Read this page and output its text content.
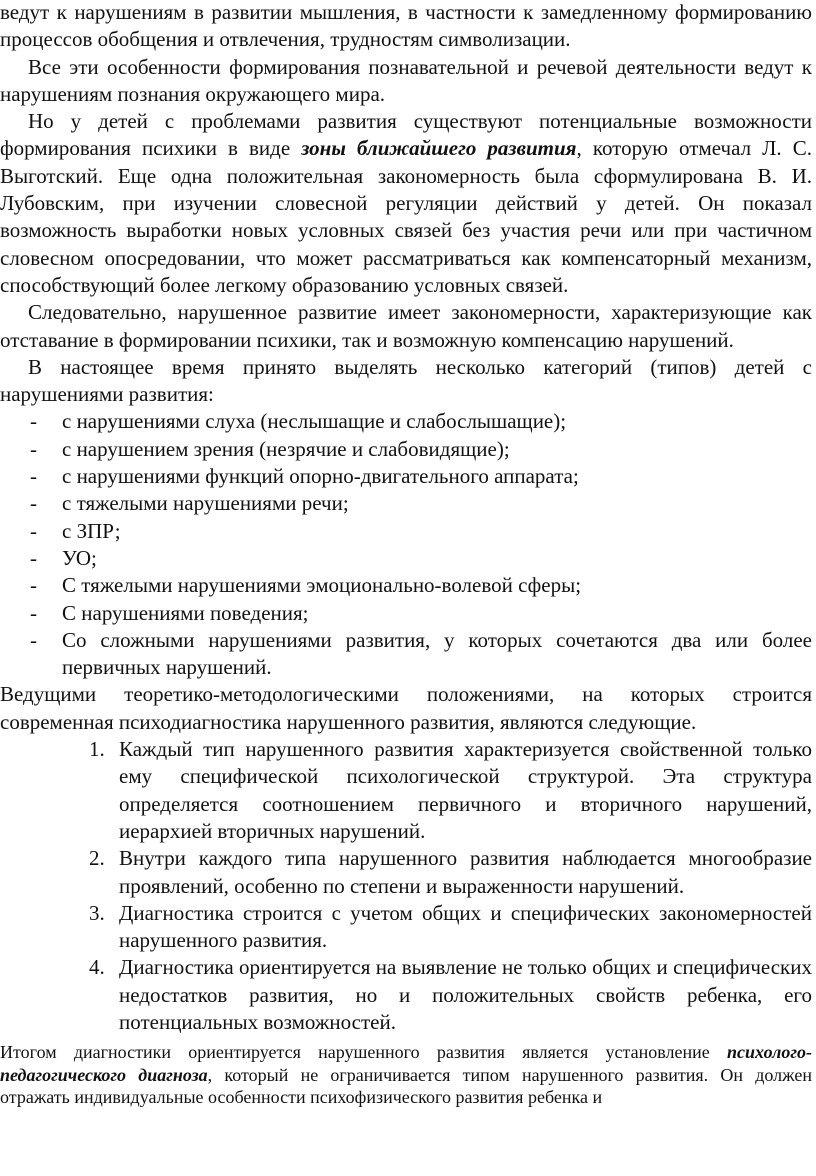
ведут к нарушениям в развитии мышления, в частности к замедленному формированию процессов обобщения и отвлечения, трудностям символизации.

Все эти особенности формирования познавательной и речевой деятельности ведут к нарушениям познания окружающего мира.

Но у детей с проблемами развития существуют потенциальные возможности формирования психики в виде зоны ближайшего развития, которую отмечал Л. С. Выготский. Еще одна положительная закономерность была сформулирована В. И. Лубовским, при изучении словесной регуляции действий у детей. Он показал возможность выработки новых условных связей без участия речи или при частичном словесном опосредовании, что может рассматриваться как компенсаторный механизм, способствующий более легкому образованию условных связей.

Следовательно, нарушенное развитие имеет закономерности, характеризующие как отставание в формировании психики, так и возможную компенсацию нарушений.

В настоящее время принято выделять несколько категорий (типов) детей с нарушениями развития:

- с нарушениями слуха (неслышащие и слабослышащие);
- с нарушением зрения (незрячие и слабовидящие);
- с нарушениями функций опорно-двигательного аппарата;
- с тяжелыми нарушениями речи;
- с ЗПР;
- УО;
- С тяжелыми нарушениями эмоционально-волевой сферы;
- С нарушениями поведения;
- Со сложными нарушениями развития, у которых сочетаются два или более первичных нарушений.

Ведущими теоретико-методологическими положениями, на которых строится современная психодиагностика нарушенного развития, являются следующие.

1. Каждый тип нарушенного развития характеризуется свойственной только ему специфической психологической структурой. Эта структура определяется соотношением первичного и вторичного нарушений, иерархией вторичных нарушений.
2. Внутри каждого типа нарушенного развития наблюдается многообразие проявлений, особенно по степени и выраженности нарушений.
3. Диагностика строится с учетом общих и специфических закономерностей нарушенного развития.
4. Диагностика ориентируется на выявление не только общих и специфических недостатков развития, но и положительных свойств ребенка, его потенциальных возможностей.

Итогом диагностики ориентируется нарушенного развития является установление психолого-педагогического диагноза, который не ограничивается типом нарушенного развития. Он должен отражать индивидуальные особенности психофизического развития ребенка и
